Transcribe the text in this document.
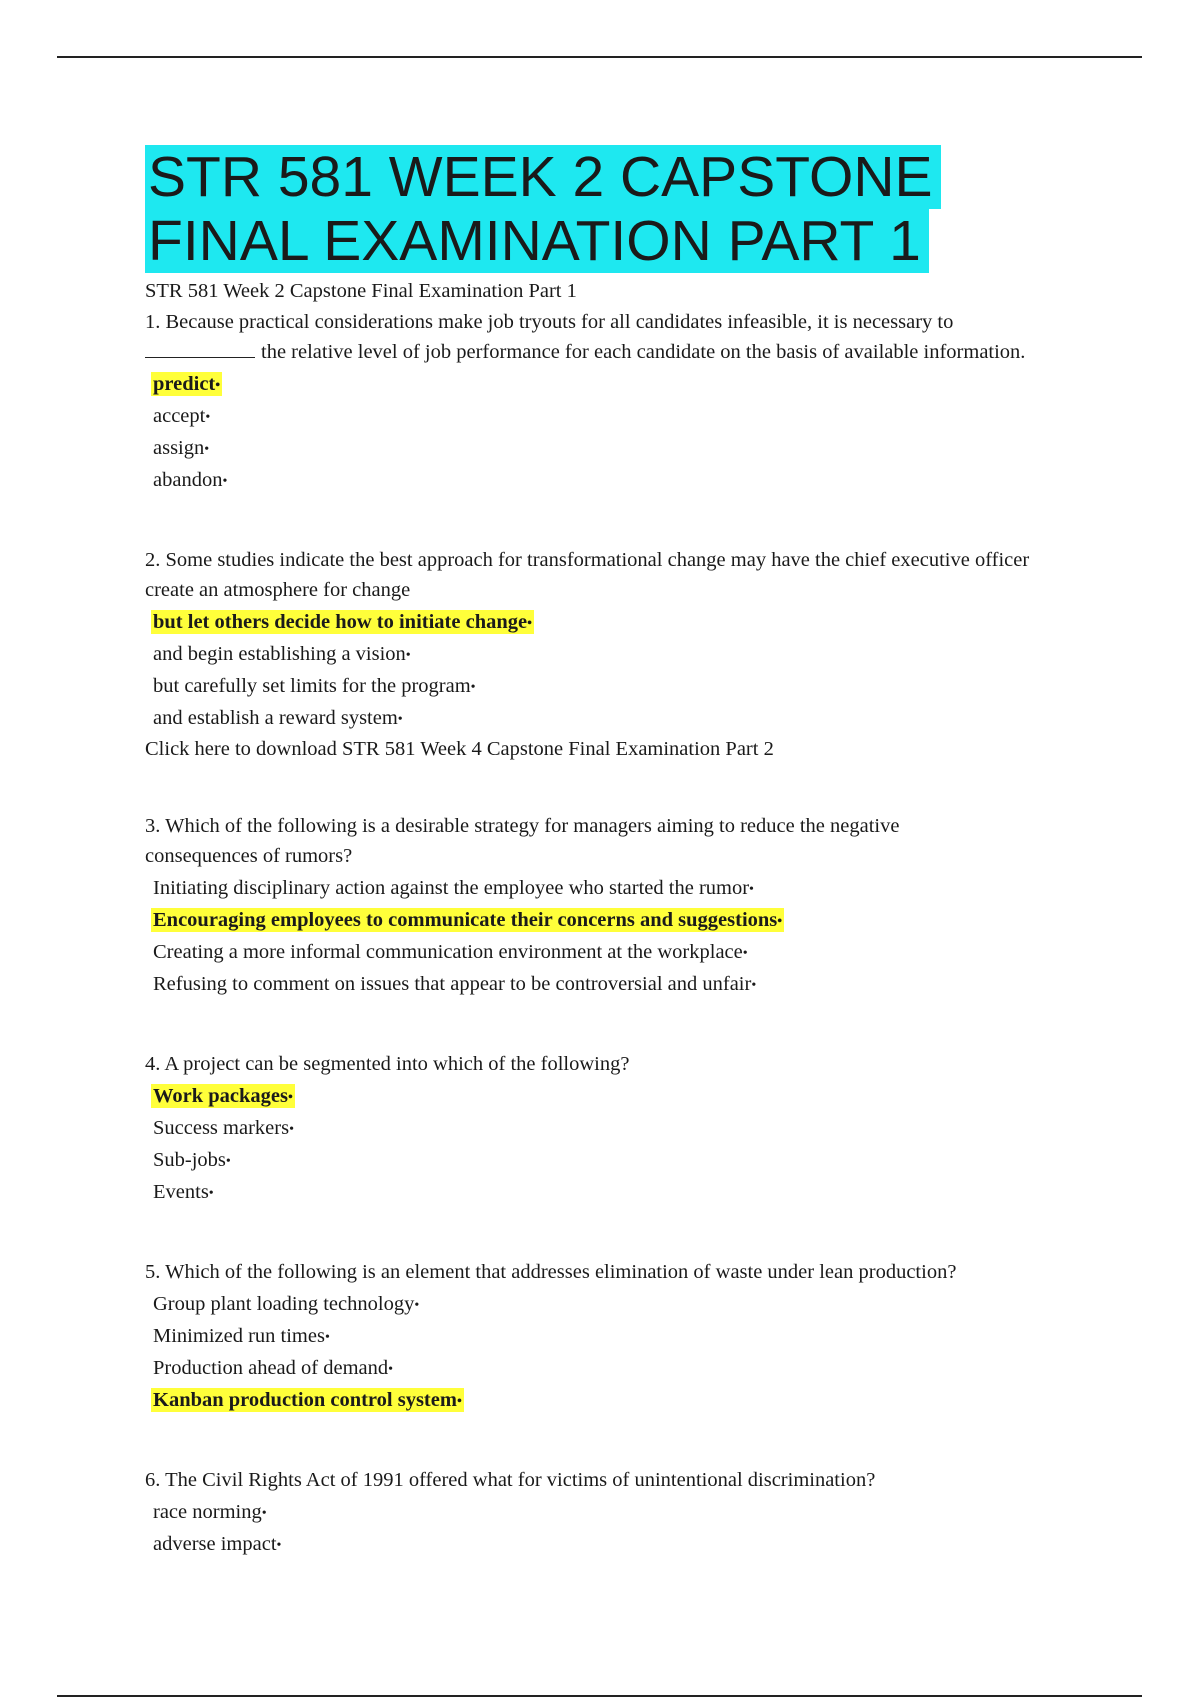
STR 581 WEEK 2 CAPSTONE
FINAL EXAMINATION PART 1
STR 581 Week 2 Capstone Final Examination Part 1
1. Because practical considerations make job tryouts for all candidates infeasible, it is necessary to
the relative level of job performance for each candidate on the basis of available information.
predict•
accept•
assign•
abandon•
2. Some studies indicate the best approach for transformational change may have the chief executive officer create an atmosphere for change
but let others decide how to initiate change•
and begin establishing a vision•
but carefully set limits for the program•
and establish a reward system•
Click here to download STR 581 Week 4 Capstone Final Examination Part 2
3. Which of the following is a desirable strategy for managers aiming to reduce the negative consequences of rumors?
Initiating disciplinary action against the employee who started the rumor•
Encouraging employees to communicate their concerns and suggestions•
Creating a more informal communication environment at the workplace•
Refusing to comment on issues that appear to be controversial and unfair•
4. A project can be segmented into which of the following?
Work packages•
Success markers•
Sub-jobs•
Events•
5. Which of the following is an element that addresses elimination of waste under lean production?
Group plant loading technology•
Minimized run times•
Production ahead of demand•
Kanban production control system•
6. The Civil Rights Act of 1991 offered what for victims of unintentional discrimination?
race norming•
adverse impact•
